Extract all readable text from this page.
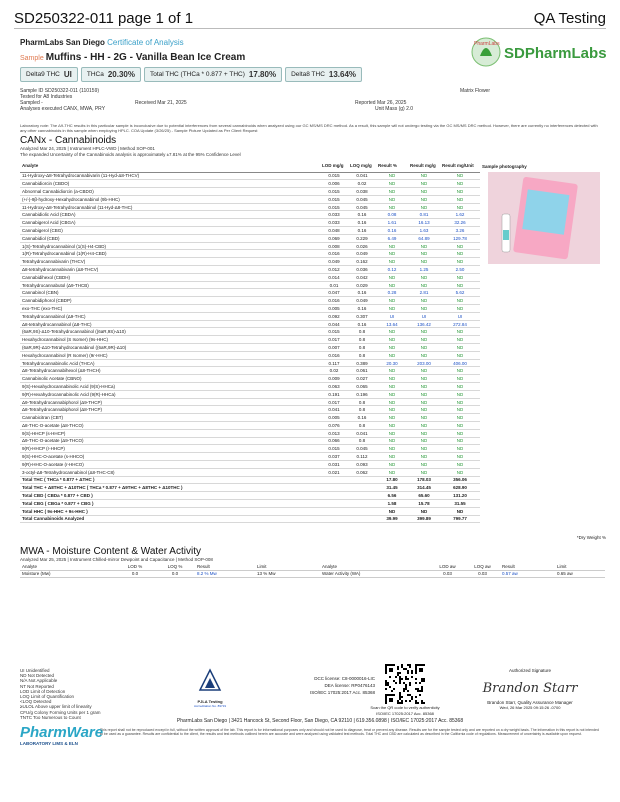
SD250322-011 page 1 of 1	QA Testing
PharmLabs San Diego Certificate of Analysis
Sample Muffins - HH - 2G - Vanilla Bean Ice Cream
Delta9 THC UI THCa 20.30% Total THC (THCa * 0.877 + THC) 17.80% Delta8 THC 13.64%
PharmLabs
SDPharmLabs
Sample ID SD250322-011 (110159)	Matrix Flower
Tested for A8 Industries
Sampled -	Received Mar 21, 2025	Reported Mar 26, 2025
Analyses executed CANX, MWA, PRY	Unit Mass (g) 2.0
Laboratory note: The Δ9-THC results in this particular sample is inconclusive due to potential interferences from several cannabinoids when analyzed using our GC MS/MS DRC method. As a result, this sample will not undergo testing via the GC MS/MS DRC method. However, there are currently no interferences detected with any other cannabinoids in this sample when employing HPLC. COA Update (3/26/25) - Sample Picture Updated as Per Client Request
CANx - Cannabinoids
Analyzed Mar 24, 2025 | Instrument HPLC-VWD | Method SOP-001
The expanded Uncertainty of the Cannabinoids analysis is approximately ±7.81% at the 95% Confidence Level
Analyte	LOD mg/g	LOQ mg/g	Result %	Result mg/g	Result mg/Unit	Sample photography
11-Hydroxy-Δ8-Tetrahydrocannabivarin (11-Hyd-Δ8-THCV)	0.015	0.041	ND	ND	ND	
Cannabidiorcin (CBDO)	0.006	0.02	ND	ND	ND	
Abnormal Cannabidiorcin (a-CBDO)	0.015	0.038	ND	ND	ND	
(+/-)-9β-hydroxy-Hexahydrocannabinol (9b-HHC)	0.015	0.045	ND	ND	ND	
11-Hydroxy-Δ8-Tetrahydrocannabinol (11-Hyd-Δ8-THC)	0.015	0.045	ND	ND	ND	
Cannabidiolic Acid (CBDA)	0.033	0.16	0.08	0.81	1.62	
Cannabigerol Acid (CBGA)	0.033	0.16	1.61	16.13	32.26	
Cannabigerol (CBG)	0.048	0.16	0.16	1.63	3.26	
Cannabidiol (CBD)	0.069	0.229	6.49	64.89	129.78	
1(S)-Tetrahydrocannabinol (1(S)-H4-CBD)	0.008	0.026	ND	ND	ND	
1(R)-Tetrahydrocannabinol (1(R)-H4-CBD)	0.016	0.049	ND	ND	ND	
Tetrahydrocannabivarin (THCV)	0.049	0.162	ND	ND	ND	
Δ8-tetrahydrocannabivarin (Δ8-THCV)	0.012	0.036	0.12	1.25	2.50	
Cannabidihexol (CBDH)	0.014	0.042	ND	ND	ND	
Tetrahydrocannabutol (Δ9-THCB)	0.01	0.029	ND	ND	ND	
Cannabinol (CBN)	0.047	0.16	0.28	2.81	5.62	
Cannabidiphorol (CBDP)	0.016	0.049	ND	ND	ND	
exo-THC (exo-THC)	0.005	0.16	ND	ND	ND	
Tetrahydrocannabinol (Δ9-THC)	0.092	0.307	UI	UI	UI	
Δ8-tetrahydrocannabinol (Δ8-THC)	0.044	0.16	13.64	136.42	272.84	
(6aR,9S)-Δ10-Tetrahydrocannabinol ((6aR,9S)-Δ10)	0.015	0.8	ND	ND	ND	
Hexahydrocannabinol (S Isomer) (9s-HHC)	0.017	0.8	ND	ND	ND	
(6aR,9R)-Δ10-Tetrahydrocannabinol ((6aR,9R)-Δ10)	0.007	0.8	ND	ND	ND	
Hexahydrocannabinol (R Isomer) (9r-HHC)	0.016	0.8	ND	ND	ND	
Tetrahydrocannabinolic Acid (THCA)	0.117	0.389	20.30	203.00	406.00	
Δ8-Tetrahydrocannabihexol (Δ8-THCH)	0.02	0.061	ND	ND	ND	
Cannabinolic Acetate (CBNO)	0.009	0.027	ND	ND	ND	
9(S)-Hexahydrocannabinolic Acid (9(S)-HHCa)	0.063	0.065	ND	ND	ND	
9(R)-Hexahydrocannabinolic Acid (9(R)-HHCa)	0.191	0.196	ND	ND	ND	
Δ9-Tetrahydrocannabiphorol (Δ9-THCP)	0.017	0.8	ND	ND	ND	
Δ8-Tetrahydrocannabiphorol (Δ8-THCP)	0.041	0.8	ND	ND	ND	
Cannabicitran (CBT)	0.005	0.16	ND	ND	ND	
Δ8-THC-O-acetate (Δ8-THCO)	0.076	0.8	ND	ND	ND	
9(S)-HHCP (s-HHCP)	0.013	0.041	ND	ND	ND	
Δ9-THC-O-acetate (Δ9-THCO)	0.066	0.8	ND	ND	ND	
9(R)-HHCP (r-HHCP)	0.015	0.045	ND	ND	ND	
9(S)-HHC-O-acetate (s-HHCO)	0.037	0.112	ND	ND	ND	
9(R)-HHC-O-acetate (r-HHCO)	0.031	0.093	ND	ND	ND	
3-octyl-Δ8-Tetrahydrocannabinol (Δ8-THC-C8)	0.021	0.062	ND	ND	ND	
Total THC ( THCa * 0.877 + ΔTHC )			17.80	178.03	356.06	
Total THC + Δ8THC + Δ10THC ( THCa * 0.877 + Δ9THC + Δ8THC + Δ10THC )			31.45	314.45	628.90	
Total CBD ( CBDa * 0.877 + CBD )			6.56	65.60	131.20	
Total CBG ( CBGa * 0.877 + CBG )			1.58	15.78	31.55	
Total HHC ( 9s-HHC + 9s-HHC )			ND	ND	ND	
Total Cannabinoids Analyzed			39.99	399.89	799.77	
*Dry Weight %
MWA - Moisture Content & Water Activity
Analyzed Mar 25, 2025 | Instrument Chilled-mirror Dewpoint and Capacitance | Method SOP-008
Analyte	LOD %	LOQ %	Result	Limit	Analyte	LOD aw	LOQ aw	Result	Limit
Moisture (Mw)	0.0	0.0	8.2 % Mw	13 % Mw	Water Activity (WA)	0.03	0.03	0.57 aw	0.65 aw
UI Unidentified
ND Not Detected
N/A Not Applicable
NT Not Reported
LOD Limit of Detection
LOQ Limit of Quantification
<LOQ Detected
≥ULOL Above upper limit of linearity
CFU/g Colony Forming Units per 1 gram
TNTC Too Numerous to Count
PharmWare
LABORATORY LIMS & ELN
PJLA Testing
Accreditation No. 89719
DCC license: C8-0000016-LIC
DEA license: RP0476143
ISO/IEC 17025:2017 Acc. 85368
Scan the QR code to verify authenticity
ISO/IEC 17025:2017 Acc. 85368
Authorized Signature
Brandon Starr
Brandon Starr, Quality Assurance Manager
Wed, 26 Mar 2025 09:15:26 -0700
PharmLabs San Diego | 3421 Hancock St, Second Floor, San Diego, CA 92110 | 619.356.0898 | ISO/IEC 17025:2017 Acc. 85368
This report shall not be reproduced except in full, without the written approval of the lab. This report is for informational purposes only and should not be used to diagnose, treat or prevent any disease. Results are for the sample tested only and are reported on a dry weight basis. The information in this report is not intended to be used as a guarantee. Results are confidential to the client, the results and test methods outlined herein are accurate and were analyzed using validated test methods. Total THC and CBD are calculated as described in the California code of regulations. Measurement of uncertainty is available upon request.
